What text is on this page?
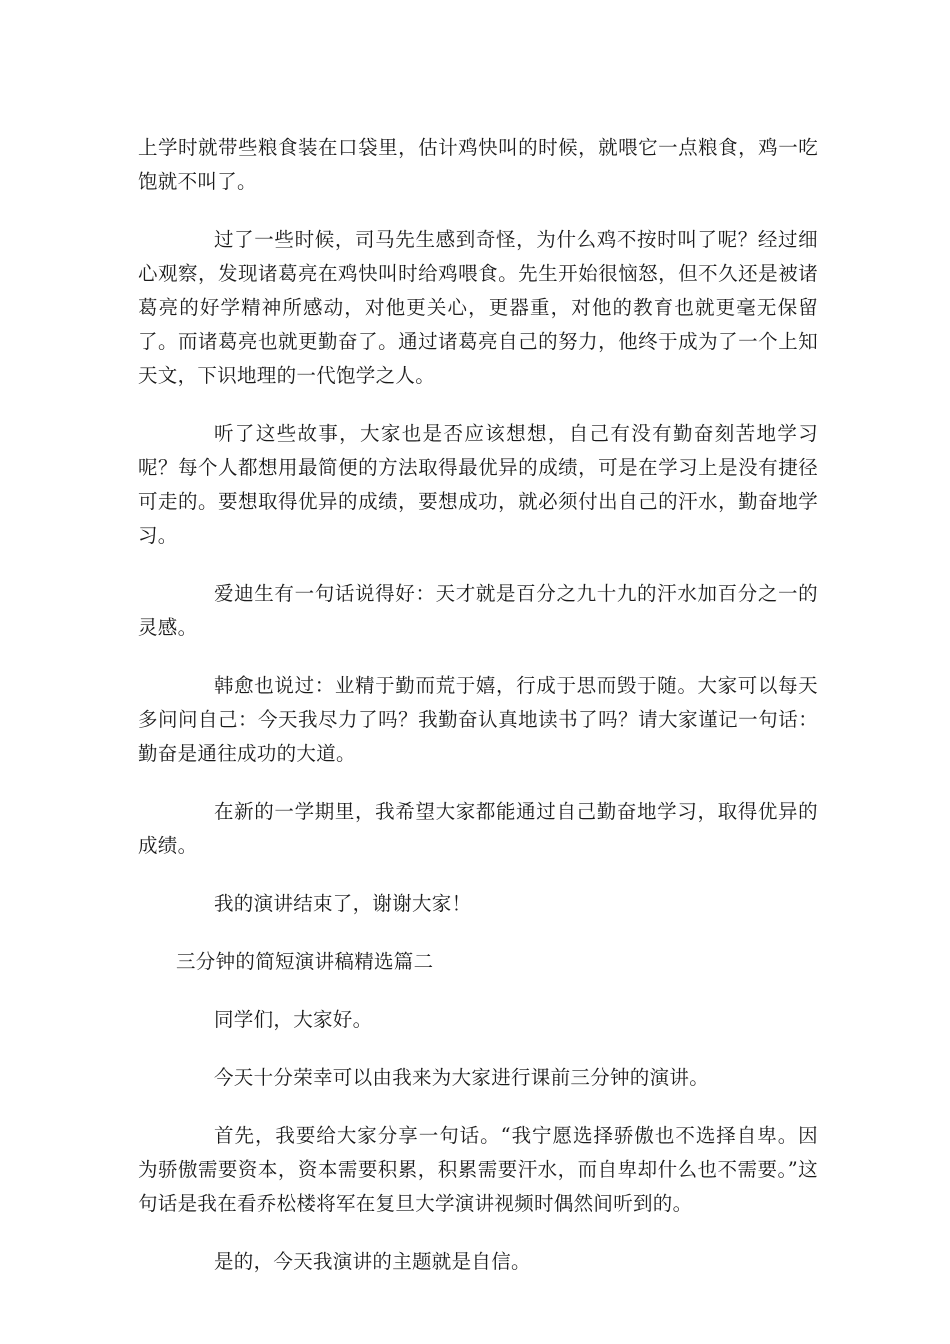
上学时就带些粮食装在口袋里，估计鸡快叫的时候，就喂它一点粮食，鸡一吃饱就不叫了。

过了一些时候，司马先生感到奇怪，为什么鸡不按时叫了呢？经过细心观察，发现诸葛亮在鸡快叫时给鸡喂食。先生开始很恼怒，但不久还是被诸葛亮的好学精神所感动，对他更关心，更器重，对他的教育也就更毫无保留了。而诸葛亮也就更勤奋了。通过诸葛亮自己的努力，他终于成为了一个上知天文，下识地理的一代饱学之人。

听了这些故事，大家也是否应该想想，自己有没有勤奋刻苦地学习呢？每个人都想用最简便的方法取得最优异的成绩，可是在学习上是没有捷径可走的。要想取得优异的成绩，要想成功，就必须付出自己的汗水，勤奋地学习。

爱迪生有一句话说得好：天才就是百分之九十九的汗水加百分之一的灵感。

韩愈也说过：业精于勤而荒于嬉，行成于思而毁于随。大家可以每天多问问自己：今天我尽力了吗？我勤奋认真地读书了吗？请大家谨记一句话：勤奋是通往成功的大道。

在新的一学期里，我希望大家都能通过自己勤奋地学习，取得优异的成绩。

我的演讲结束了，谢谢大家！

三分钟的简短演讲稿精选篇二

同学们，大家好。

今天十分荣幸可以由我来为大家进行课前三分钟的演讲。

首先，我要给大家分享一句话。“我宁愿选择骄傲也不选择自卑。因为骄傲需要资本，资本需要积累，积累需要汗水，而自卑却什么也不需要。”这句话是我在看乔松楼将军在复旦大学演讲视频时偶然间听到的。

是的，今天我演讲的主题就是自信。
